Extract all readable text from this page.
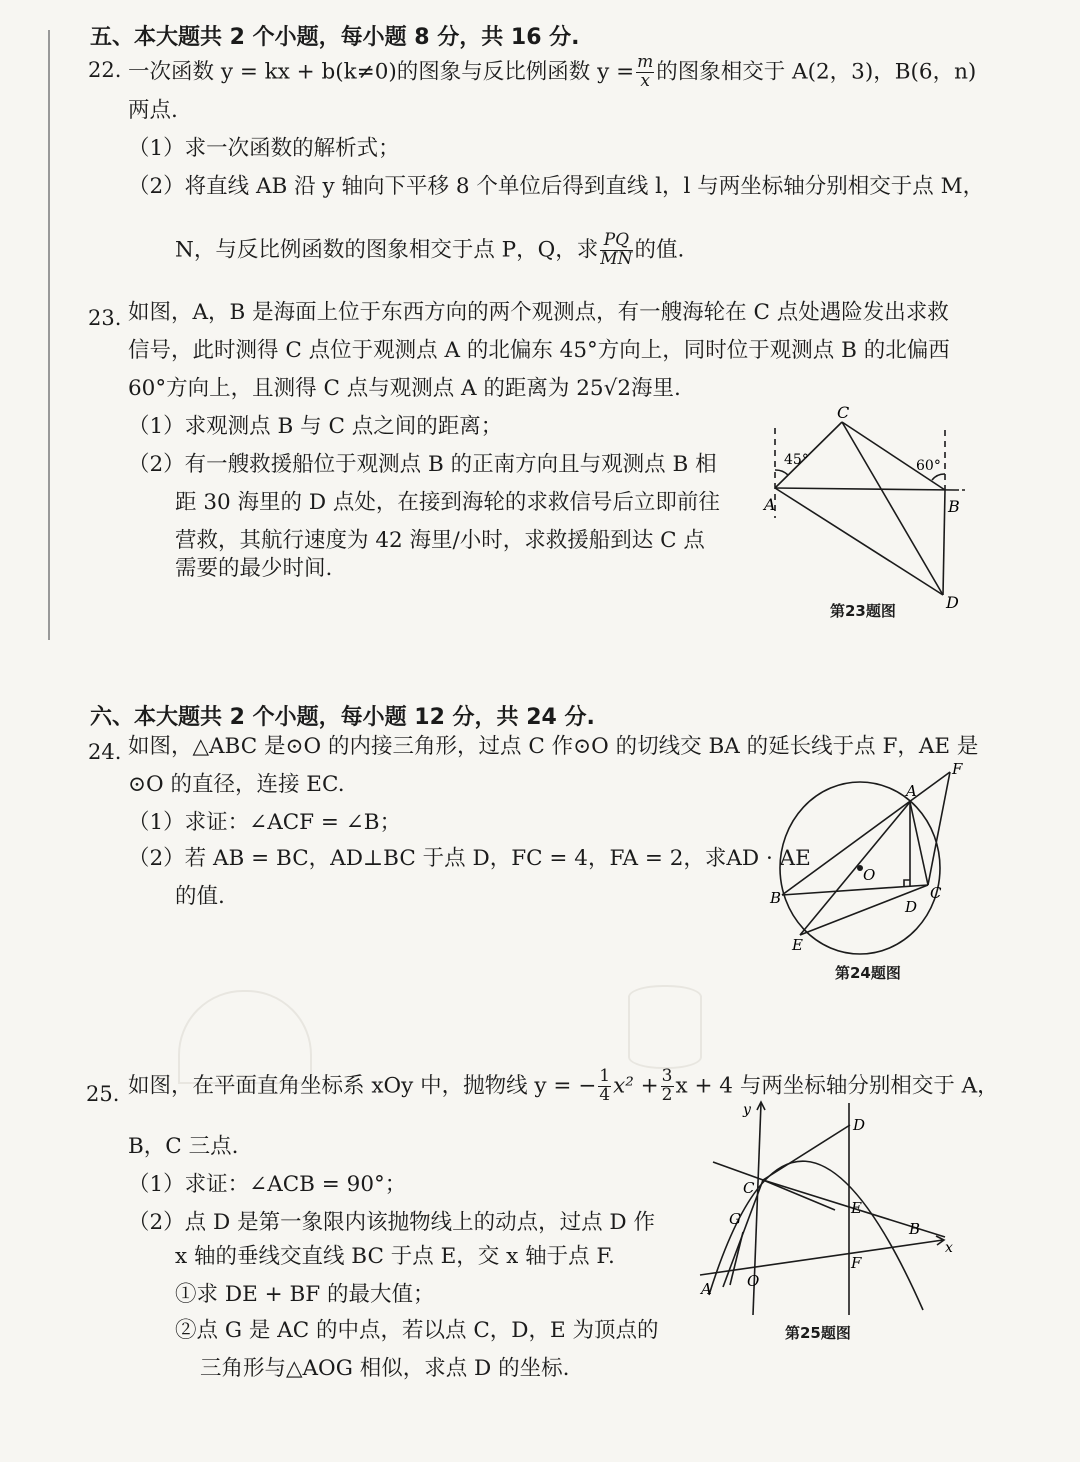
五、本大题共 2 个小题，每小题 8 分，共 16 分.
22. 一次函数 y = kx + b(k≠0)的图象与反比例函数 $y = \frac{m}{x}$ 的图象相交于 A(2，3)，B(6，n)
两点.
（1）求一次函数的解析式；
（2）将直线 AB 沿 y 轴向下平移 8 个单位后得到直线 l，l 与两坐标轴分别相交于点 M，
N，与反比例函数的图象相交于点 P，Q，求 $\frac{PQ}{MN}$ 的值.
23. 如图，A，B 是海面上位于东西方向的两个观测点，有一艘海轮在 C 点处遇险发出求救
信号，此时测得 C 点位于观测点 A 的北偏东 45°方向上，同时位于观测点 B 的北偏西
60°方向上，且测得 C 点与观测点 A 的距离为 25√2海里.
（1）求观测点 B 与 C 点之间的距离；
（2）有一艘救援船位于观测点 B 的正南方向且与观测点 B 相
距 30 海里的 D 点处，在接到海轮的求救信号后立即前往
营救，其航行速度为 42 海里/小时，求救援船到达 C 点
需要的最少时间.
C
45°	60°
A	B
D
第23题图
六、本大题共 2 个小题，每小题 12 分，共 24 分.
24. 如图，△ABC 是⊙O 的内接三角形，过点 C 作⊙O 的切线交 BA 的延长线于点 F，AE 是
⊙O 的直径，连接 EC.
（1）求证：∠ACF = ∠B；
（2）若 AB = BC，AD⊥BC 于点 D，FC = 4，FA = 2，求AD · AE
的值.
F
A
O
B	C
D
E
第24题图
25. 如图，在平面直角坐标系 xOy 中，抛物线 y = − $\frac{1}{4} x^2 + \frac{3}{2}$ x + 4 与两坐标轴分别相交于 A，
B，C 三点.
（1）求证：∠ACB = 90°；
（2）点 D 是第一象限内该抛物线上的动点，过点 D 作
x 轴的垂线交直线 BC 于点 E，交 x 轴于点 F.
①求 DE + BF 的最大值；
②点 G 是 AC 的中点，若以点 C，D，E 为顶点的
三角形与△AOG 相似，求点 D 的坐标.
y
x
D
C
G
E
B
A O
F
第25题图
